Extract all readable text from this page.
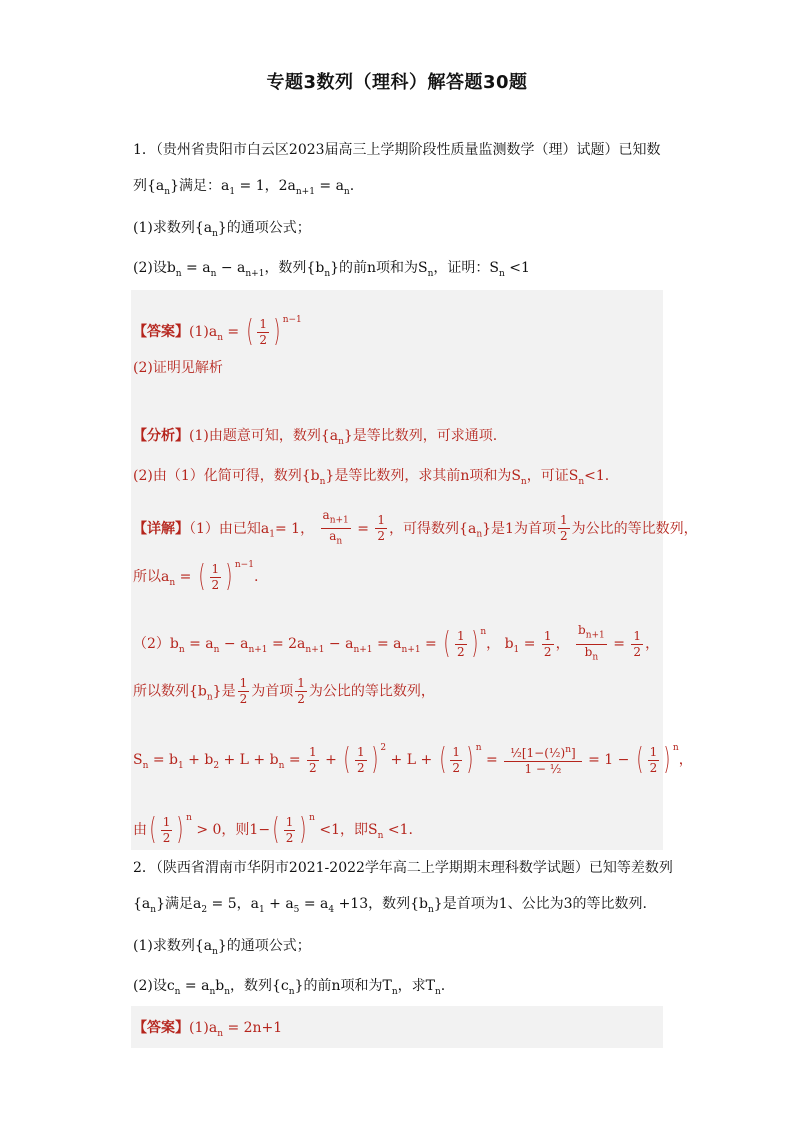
专题3数列（理科）解答题30题
1．（贵州省贵阳市白云区2023届高三上学期阶段性质量监测数学（理）试题）已知数
列$\{a_n\}$满足：$a_1 = 1$，$2a_{n+1} = a_n$.
(1)求数列$\{a_n\}$的通项公式；
(2)设$b_n = a_n - a_{n+1}$，数列$\{b_n\}$的前n项和为$S_n$，证明：$S_n <1$
【答案】$(1)a_n$ = ( $\frac{1}{2}$ ) $^{n-1}$
(2)证明见解析
【分析】(1)由题意可知，数列$\{a_n\}$是等比数列，可求通项.
(2)由（1）化简可得，数列$\{b_n\}$是等比数列，求其前n项和为$S_n$，可证$S_n<1$.
【详解】（1）由已知$a_1= 1$， $\frac{a_{n+1}}{a_n} = \frac{1}{2}$ ，可得数列$\{a_n\}$是1为首项 $\frac{1}{2}$ 为公比的等比数列，
所以$a_n$ = ( $\frac{1}{2}$ ) $^{n-1}$.
$(2)b_n = a_n - a_{n+1} = 2a_{n+1} - a_{n+1} = a_{n+1}$ = ( $\frac{1}{2}$ ) $^n$， $b_1 = \frac{1}{2}$ ， $\frac{b_{n+1}}{b_n} = \frac{1}{2}$ ，
所以数列$\{b_n\}$是 $\frac{1}{2}$ 为首项 $\frac{1}{2}$ 为公比的等比数列，
$S_n = b_1 + b_2 + L + b_n = \frac{1}{2}$ + ( $\frac{1}{2}$ ) $^2$ + L + ( $\frac{1}{2}$ ) $^n = \frac{\frac{1}{2}[1-(\frac{1}{2})^n]}{\text{1 − ½}} = 1$ − ( $\frac{1}{2}$ ) $^n$，
由( $\frac{1}{2}$ ) $^n$ > 0，则$1-( \frac{1}{2}$ ) $^n$ <1，即$S_n <1$.
2．（陕西省渭南市华阴市2021-2022学年高二上学期期末理科数学试题）已知等差数列
$\{a_n\}$满足$a_2 = 5$，$a_1 + a_5 = a_4 +13$，数列$\{b_n\}$是首项为1、公比为3的等比数列.
(1)求数列$\{a_n\}$的通项公式；
(2)设$c_n = a_nb_n$，数列$\{c_n\}$的前n项和为$T_n$，求$T_n$.
【答案】$(1)a_n = 2n+1$
